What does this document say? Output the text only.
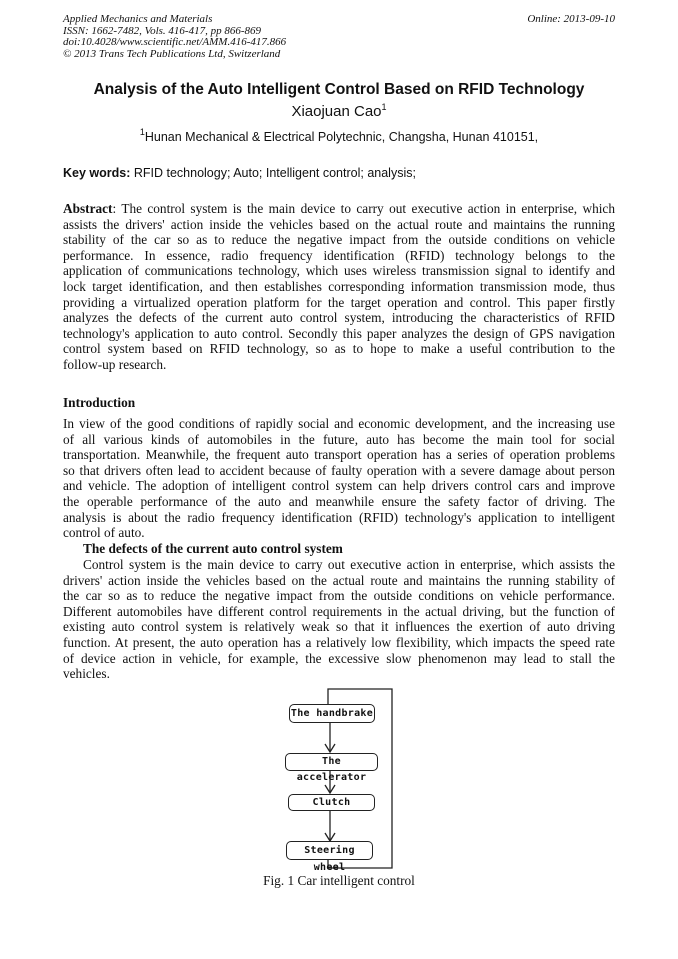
Applied Mechanics and Materials
ISSN: 1662-7482, Vols. 416-417, pp 866-869
doi:10.4028/www.scientific.net/AMM.416-417.866
© 2013 Trans Tech Publications Ltd, Switzerland
Online: 2013-09-10
Analysis of the Auto Intelligent Control Based on RFID Technology
Xiaojuan Cao$^1$
$^1$Hunan Mechanical & Electrical Polytechnic, Changsha, Hunan 410151,
Key words: RFID technology; Auto; Intelligent control; analysis;
Abstract: The control system is the main device to carry out executive action in enterprise, which
assists the drivers' action inside the vehicles based on the actual route and maintains the running
stability of the car so as to reduce the negative impact from the outside conditions on vehicle
performance. In essence, radio frequency identification (RFID) technology belongs to the
application of communications technology, which uses wireless transmission signal to identify and
lock target identification, and then establishes corresponding information transmission mode, thus
providing a virtualized operation platform for the target operation and control. This paper firstly
analyzes the defects of the current auto control system, introducing the characteristics of RFID
technology's application to auto control. Secondly this paper analyzes the design of GPS navigation
control system based on RFID technology, so as to hope to make a useful contribution to the
follow-up research.
Introduction
In view of the good conditions of rapidly social and economic development, and the increasing use
of all various kinds of automobiles in the future, auto has become the main tool for social
transportation. Meanwhile, the frequent auto transport operation has a series of operation problems
so that drivers often lead to accident because of faulty operation with a severe damage about person
and vehicle. The adoption of intelligent control system can help drivers control cars and improve
the operable performance of the auto and meanwhile ensure the safety factor of driving. The
analysis is about the radio frequency identification (RFID) technology's application to intelligent
control of auto.
The defects of the current auto control system
Control system is the main device to carry out executive action in enterprise, which assists the
drivers' action inside the vehicles based on the actual route and maintains the running stability of
the car so as to reduce the negative impact from the outside conditions on vehicle performance.
Different automobiles have different control requirements in the actual driving, but the function of
existing auto control system is relatively weak so that it influences the exertion of auto driving
function. At present, the auto operation has a relatively low flexibility, which impacts the speed rate
of device action in vehicle, for example, the excessive slow phenomenon may lead to stall the
vehicles.
The handbrake
The accelerator
Clutch
Steering wheel
Fig. 1 Car intelligent control
